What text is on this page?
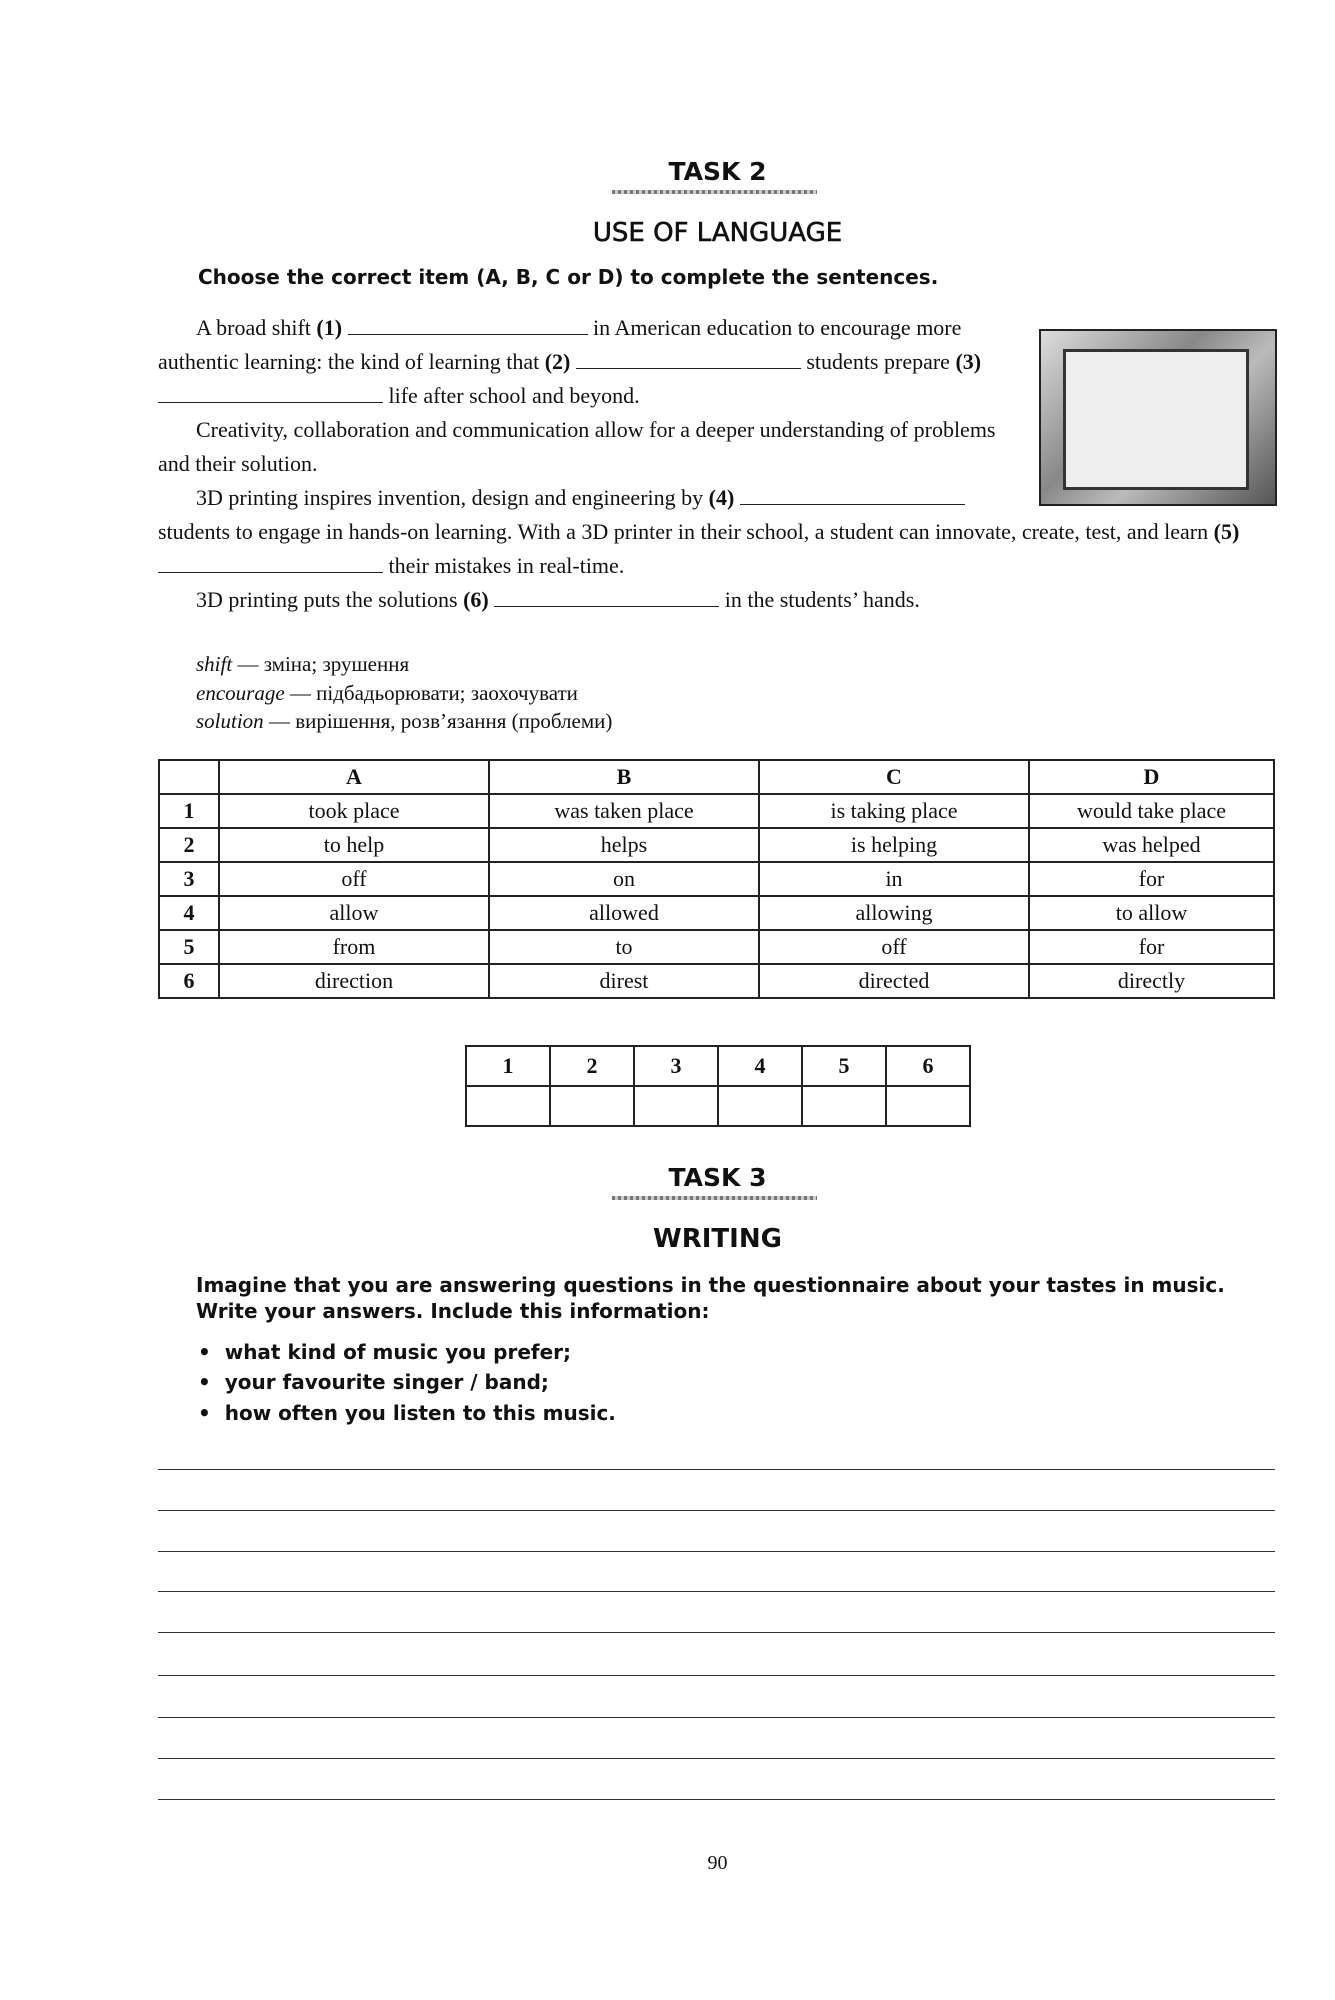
TASK 2
USE OF LANGUAGE
Choose the correct item (A, B, C or D) to complete the sentences.
A broad shift (1)	in American education to encourage more authentic learning: the kind of learning that (2)	students prepare (3)  life after school and beyond.
Creativity, collaboration and communication allow for a deeper understanding of problems and their solution.
3D printing inspires invention, design and engineering by (4)  students to engage in hands-on learning. With a 3D printer in their school, a student can innovate, create, test, and learn (5)  their mistakes in real-time.
3D printing puts the solutions (6)	in the students’ hands.
shift — зміна; зрушення
encourage — підбадьорювати; заохочувати
solution — вирішення, розв’язання (проблеми)
	A	B	C	D
1	took place	was taken place	is taking place	would take place
2	to help	helps	is helping	was helped
3	off	on	in	for
4	allow	allowed	allowing	to allow
5	from	to	off	for
6	direction	direst	directed	directly
1	2	3	4	5	6

TASK 3
WRITING
Imagine that you are answering questions in the questionnaire about your tastes in music. Write your answers. Include this information:
•  what kind of music you prefer;
•  your favourite singer / band;
•  how often you listen to this music.
90
